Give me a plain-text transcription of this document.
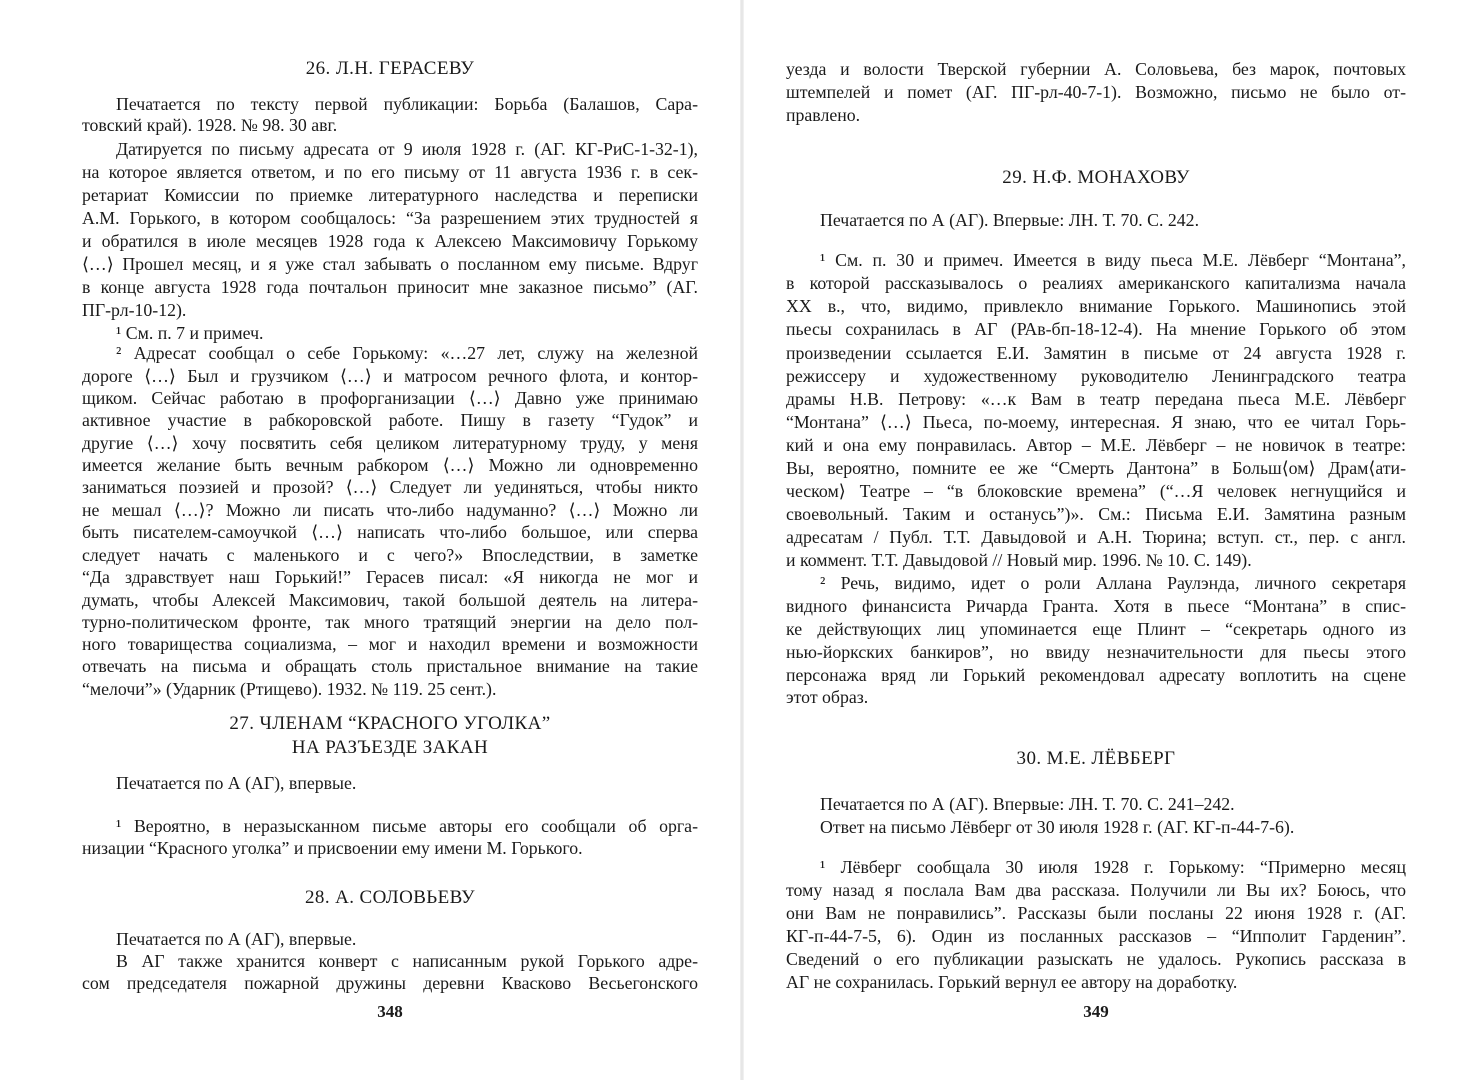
26. Л.Н. ГЕРАСЕВУ
Печатается по тексту первой публикации: Борьба (Балашов, Сара-
товский край). 1928. № 98. 30 авг.
Датируется по письму адресата от 9 июля 1928 г. (АГ. КГ-РиС-1-32-1),
на которое является ответом, и по его письму от 11 августа 1936 г. в сек-
ретариат Комиссии по приемке литературного наследства и переписки
А.М. Горького, в котором сообщалось: “За разрешением этих трудностей я
и обратился в июле месяцев 1928 года к Алексею Максимовичу Горькому
⟨…⟩ Прошел месяц, и я уже стал забывать о посланном ему письме. Вдруг
в конце августа 1928 года почтальон приносит мне заказное письмо” (АГ.
ПГ-рл-10-12).
¹ См. п. 7 и примеч.
² Адресат сообщал о себе Горькому: «…27 лет, служу на железной
дороге ⟨…⟩ Был и грузчиком ⟨…⟩ и матросом речного флота, и контор-
щиком. Сейчас работаю в профорганизации ⟨…⟩ Давно уже принимаю
активное участие в рабкоровской работе. Пишу в газету “Гудок” и
другие ⟨…⟩ хочу посвятить себя целиком литературному труду, у меня
имеется желание быть вечным рабкором ⟨…⟩ Можно ли одновременно
заниматься поэзией и прозой? ⟨…⟩ Следует ли уединяться, чтобы никто
не мешал ⟨…⟩? Можно ли писать что-либо надуманно? ⟨…⟩ Можно ли
быть писателем-самоучкой ⟨…⟩ написать что-либо большое, или сперва
следует начать с маленького и с чего?» Впоследствии, в заметке
“Да здравствует наш Горький!” Герасев писал: «Я никогда не мог и
думать, чтобы Алексей Максимович, такой большой деятель на литера-
турно-политическом фронте, так много тратящий энергии на дело пол-
ного товарищества социализма, – мог и находил времени и возможности
отвечать на письма и обращать столь пристальное внимание на такие
“мелочи”» (Ударник (Ртищево). 1932. № 119. 25 сент.).
27. ЧЛЕНАМ “КРАСНОГО УГОЛКА”
НА РАЗЪЕЗДЕ ЗАКАН
Печатается по А (АГ), впервые.
¹ Вероятно, в неразысканном письме авторы его сообщали об орга-
низации “Красного уголка” и присвоении ему имени М. Горького.
28. А. СОЛОВЬЕВУ
Печатается по А (АГ), впервые.
В АГ также хранится конверт с написанным рукой Горького адре-
сом председателя пожарной дружины деревни Квасково Весьегонского
348
уезда и волости Тверской губернии А. Соловьева, без марок, почтовых
штемпелей и помет (АГ. ПГ-рл-40-7-1). Возможно, письмо не было от-
правлено.
29. Н.Ф. МОНАХОВУ
Печатается по А (АГ). Впервые: ЛН. Т. 70. С. 242.
¹ См. п. 30 и примеч. Имеется в виду пьеса М.Е. Лёвберг “Монтана”,
в которой рассказывалось о реалиях американского капитализма начала
XX в., что, видимо, привлекло внимание Горького. Машинопись этой
пьесы сохранилась в АГ (РАв-бп-18-12-4). На мнение Горького об этом
произведении ссылается Е.И. Замятин в письме от 24 августа 1928 г.
режиссеру и художественному руководителю Ленинградского театра
драмы Н.В. Петрову: «…к Вам в театр передана пьеса М.Е. Лёвберг
“Монтана” ⟨…⟩ Пьеса, по-моему, интересная. Я знаю, что ее читал Горь-
кий и она ему понравилась. Автор – М.Е. Лёвберг – не новичок в театре:
Вы, вероятно, помните ее же “Смерть Дантона” в Больш⟨ом⟩ Драм⟨ати-
ческом⟩ Театре – “в блоковские времена” (“…Я человек негнущийся и
своевольный. Таким и останусь”)». См.: Письма Е.И. Замятина разным
адресатам / Публ. Т.Т. Давыдовой и А.Н. Тюрина; вступ. ст., пер. с англ.
и коммент. Т.Т. Давыдовой // Новый мир. 1996. № 10. С. 149).
² Речь, видимо, идет о роли Аллана Раулэнда, личного секретаря
видного финансиста Ричарда Гранта. Хотя в пьесе “Монтана” в спис-
ке действующих лиц упоминается еще Плинт – “секретарь одного из
нью-йоркских банкиров”, но ввиду незначительности для пьесы этого
персонажа вряд ли Горький рекомендовал адресату воплотить на сцене
этот образ.
30. М.Е. ЛЁВБЕРГ
Печатается по А (АГ). Впервые: ЛН. Т. 70. С. 241–242.
Ответ на письмо Лёвберг от 30 июля 1928 г. (АГ. КГ-п-44-7-6).
¹ Лёвберг сообщала 30 июля 1928 г. Горькому: “Примерно месяц
тому назад я послала Вам два рассказа. Получили ли Вы их? Боюсь, что
они Вам не понравились”. Рассказы были посланы 22 июня 1928 г. (АГ.
КГ-п-44-7-5, 6). Один из посланных рассказов – “Ипполит Гарденин”.
Сведений о его публикации разыскать не удалось. Рукопись рассказа в
АГ не сохранилась. Горький вернул ее автору на доработку.
349
